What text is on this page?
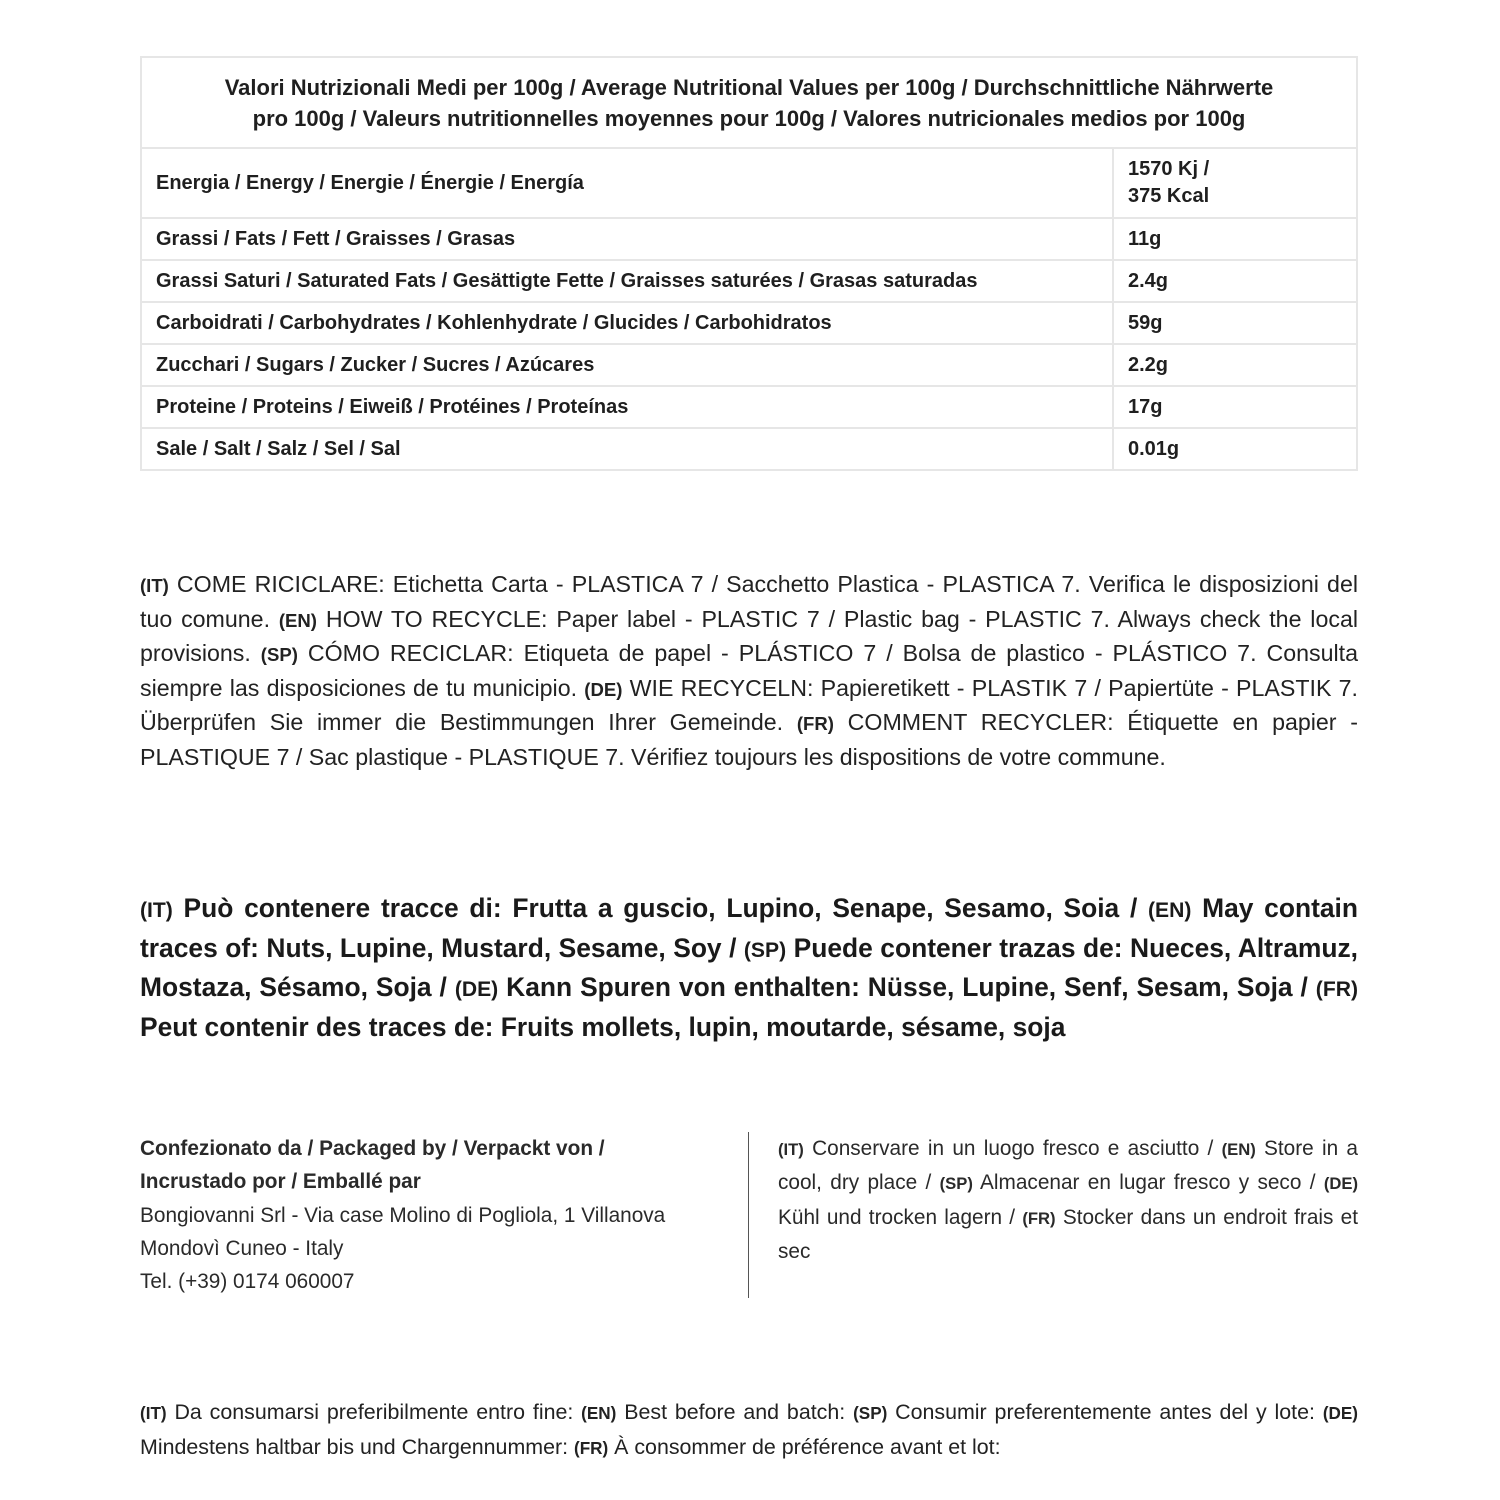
Valori Nutrizionali Medi per 100g / Average Nutritional Values per 100g / Durchschnittliche Nährwerte
pro 100g / Valeurs nutritionnelles moyennes pour 100g / Valores nutricionales medios por 100g	

Energia / Energy / Energie / Énergie / Energía	1570 Kj /
375 Kcal

Grassi / Fats / Fett / Graisses / Grasas	11g
Grassi Saturi / Saturated Fats / Gesättigte Fette / Graisses saturées / Grasas saturadas	2.4g
Carboidrati / Carbohydrates / Kohlenhydrate / Glucides / Carbohidratos	59g
Zucchari / Sugars / Zucker / Sucres / Azúcares	2.2g
Proteine / Proteins / Eiweiß / Protéines / Proteínas	17g
Sale / Salt / Salz / Sel / Sal	0.01g

(IT) COME RICICLARE: Etichetta Carta - PLASTICA 7 / Sacchetto Plastica - PLASTICA 7. Verifica le disposizioni del tuo comune. (EN) HOW TO RECYCLE: Paper label - PLASTIC 7 / Plastic bag - PLASTIC 7. Always check the local provisions. (SP) CÓMO RECICLAR: Etiqueta de papel - PLÁSTICO 7 / Bolsa de plastico - PLÁSTICO 7. Consulta siempre las disposiciones de tu municipio. (DE) WIE RECYCELN: Papieretikett - PLASTIK 7 / Papiertüte - PLASTIK 7. Überprüfen Sie immer die Bestimmungen Ihrer Gemeinde. (FR) COMMENT RECYCLER: Étiquette en papier - PLASTIQUE 7 / Sac plastique - PLASTIQUE 7. Vérifiez toujours les dispositions de votre commune.

(IT) Può contenere tracce di: Frutta a guscio, Lupino, Senape, Sesamo, Soia / (EN) May contain traces of: Nuts, Lupine, Mustard, Sesame, Soy / (SP) Puede contener trazas de: Nueces, Altramuz, Mostaza, Sésamo, Soja / (DE) Kann Spuren von enthalten: Nüsse, Lupine, Senf, Sesam, Soja / (FR) Peut contenir des traces de: Fruits mollets, lupin, moutarde, sésame, soja

Confezionato da / Packaged by / Verpackt von /
Incrustado por / Emballé par
Bongiovanni Srl - Via case Molino di Pogliola, 1 Villanova
Mondovì Cuneo - Italy
Tel. (+39) 0174 060007

(IT) Conservare in un luogo fresco e asciutto / (EN) Store in a cool, dry place / (SP) Almacenar en lugar fresco y seco / (DE) Kühl und trocken lagern / (FR) Stocker dans un endroit frais et sec

(IT) Da consumarsi preferibilmente entro fine: (EN) Best before and batch: (SP) Consumir preferentemente antes del y lote: (DE) Mindestens haltbar bis und Chargennummer: (FR) À consommer de préférence avant et lot:
